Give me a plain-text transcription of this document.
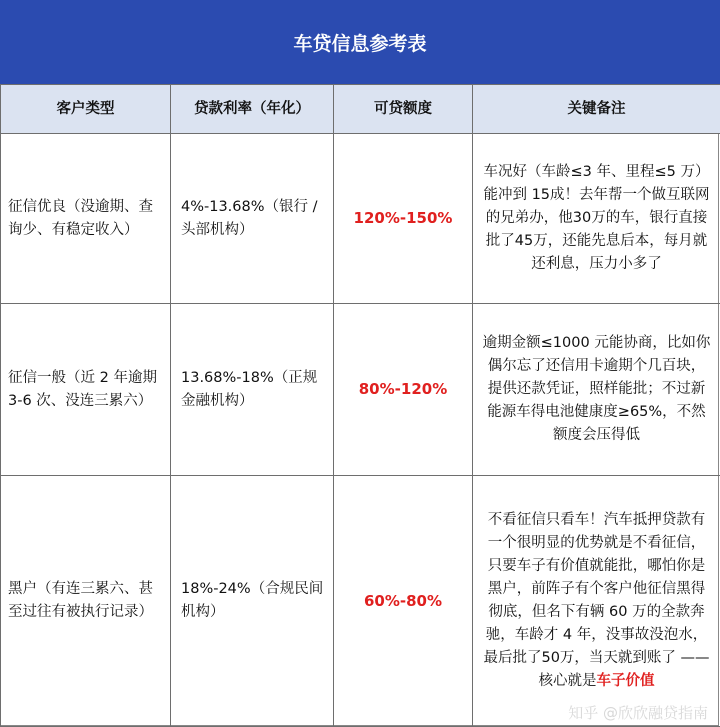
车贷信息参考表
客户类型	贷款利率（年化）	可贷额度	关键备注
征信优良（没逾期、查询少、有稳定收入）	4%-13.68%（银行 / 头部机构）	120%-150%	车况好（车龄≤3 年、里程≤5 万）能冲到 15成！去年帮一个做互联网的兄弟办，他30万的车，银行直接批了45万，还能先息后本，每月就还利息，压力小多了
征信一般（近 2 年逾期 3-6 次、没连三累六）	13.68%-18%（正规金融机构）	80%-120%	逾期金额≤1000 元能协商，比如你偶尔忘了还信用卡逾期个几百块，提供还款凭证，照样能批；不过新能源车得电池健康度≥65%，不然额度会压得低
黑户（有连三累六、甚至过往有被执行记录）	18%-24%（合规民间机构）	60%-80%	不看征信只看车！汽车抵押贷款有一个很明显的优势就是不看征信，只要车子有价值就能批，哪怕你是黑户，前阵子有个客户他征信黑得彻底，但名下有辆 60 万的全款奔驰，车龄才 4 年，没事故没泡水，最后批了50万，当天就到账了 ——核心就是车子价值
知乎 @欣欣融贷指南
